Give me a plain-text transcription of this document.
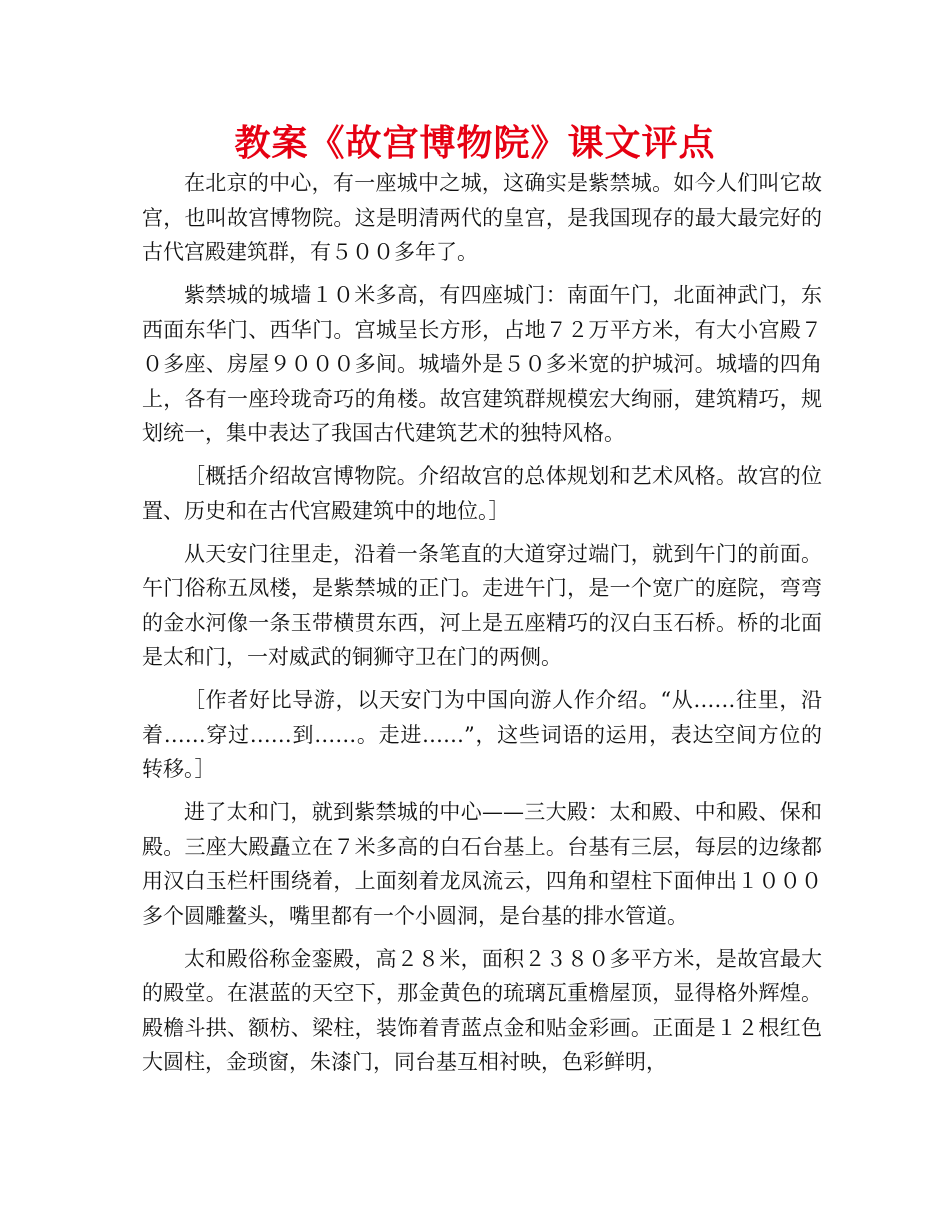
教案《故宫博物院》课文评点

在北京的中心，有一座城中之城，这确实是紫禁城。如今人们叫它故宫，也叫故宫博物院。这是明清两代的皇宫，是我国现存的最大最完好的古代宫殿建筑群，有５００多年了。

紫禁城的城墙１０米多高，有四座城门：南面午门，北面神武门，东西面东华门、西华门。宫城呈长方形，占地７２万平方米，有大小宫殿７０多座、房屋９０００多间。城墙外是５０多米宽的护城河。城墙的四角上，各有一座玲珑奇巧的角楼。故宫建筑群规模宏大绚丽，建筑精巧，规划统一，集中表达了我国古代建筑艺术的独特风格。

［概括介绍故宫博物院。介绍故宫的总体规划和艺术风格。故宫的位置、历史和在古代宫殿建筑中的地位。］

从天安门往里走，沿着一条笔直的大道穿过端门，就到午门的前面。午门俗称五凤楼，是紫禁城的正门。走进午门，是一个宽广的庭院，弯弯的金水河像一条玉带横贯东西，河上是五座精巧的汉白玉石桥。桥的北面是太和门，一对威武的铜狮守卫在门的两侧。

［作者好比导游，以天安门为中国向游人作介绍。“从……往里，沿着……穿过……到……。走进……”，这些词语的运用，表达空间方位的转移。］

进了太和门，就到紫禁城的中心——三大殿：太和殿、中和殿、保和殿。三座大殿矗立在７米多高的白石台基上。台基有三层，每层的边缘都用汉白玉栏杆围绕着，上面刻着龙凤流云，四角和望柱下面伸出１０００多个圆雕鳌头，嘴里都有一个小圆洞，是台基的排水管道。

太和殿俗称金銮殿，高２８米，面积２３８０多平方米，是故宫最大的殿堂。在湛蓝的天空下，那金黄色的琉璃瓦重檐屋顶，显得格外辉煌。殿檐斗拱、额枋、梁柱，装饰着青蓝点金和贴金彩画。正面是１２根红色大圆柱，金琐窗，朱漆门，同台基互相衬映，色彩鲜明，
